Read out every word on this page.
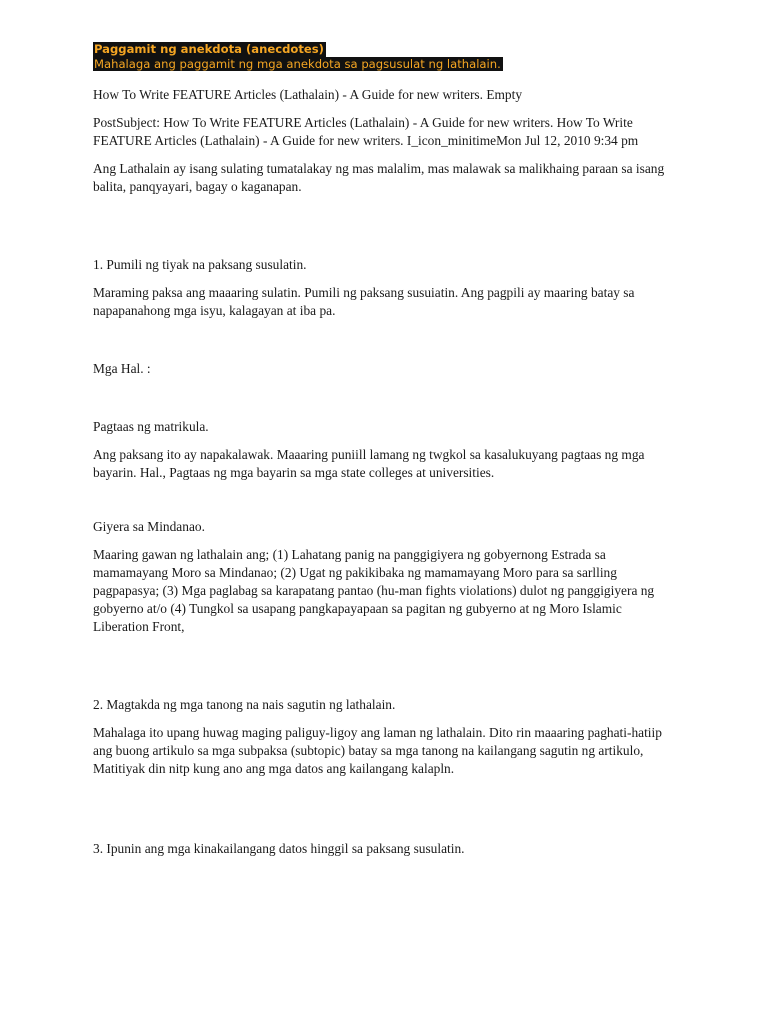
Paggamit ng anekdota (anecdotes)
Mahalaga ang paggamit ng mga anekdota sa pagsusulat ng lathalain.

How To Write FEATURE Articles (Lathalain) - A Guide for new writers. Empty

PostSubject: How To Write FEATURE Articles (Lathalain) - A Guide for new writers. How To Write FEATURE Articles (Lathalain) - A Guide for new writers. I_icon_minitimeMon Jul 12, 2010 9:34 pm

Ang Lathalain ay isang sulating tumatalakay ng mas malalim, mas malawak sa malikhaing paraan sa isang balita, panqyayari, bagay o kaganapan.

1. Pumili ng tiyak na paksang susulatin.

Maraming paksa ang maaaring sulatin. Pumili ng paksang susuiatin. Ang pagpili ay maaring batay sa napapanahong mga isyu, kalagayan at iba pa.

Mga Hal. :

Pagtaas ng matrikula.

Ang paksang ito ay napakalawak. Maaaring puniill lamang ng twgkol sa kasalukuyang pagtaas ng mga bayarin. Hal., Pagtaas ng mga bayarin sa mga state colleges at universities.

Giyera sa Mindanao.

Maaring gawan ng lathalain ang; (1) Lahatang panig na panggigiyera ng gobyernong Estrada sa mamamayang Moro sa Mindanao; (2) Ugat ng pakikibaka ng mamamayang Moro para sa sarlling pagpapasya; (3) Mga paglabag sa karapatang pantao (hu-man fights violations) dulot ng panggigiyera ng gobyerno at/o (4) Tungkol sa usapang pangkapayapaan sa pagitan ng gubyerno at ng Moro Islamic Liberation Front,

2. Magtakda ng mga tanong na nais sagutin ng lathalain.

Mahalaga ito upang huwag maging paliguy-ligoy ang laman ng lathalain. Dito rin maaaring paghati-hatiip ang buong artikulo sa mga subpaksa (subtopic) batay sa mga tanong na kailangang sagutin ng artikulo, Matitiyak din nitp kung ano ang mga datos ang kailangang kalapln.

3. Ipunin ang mga kinakailangang datos hinggil sa paksang susulatin.
